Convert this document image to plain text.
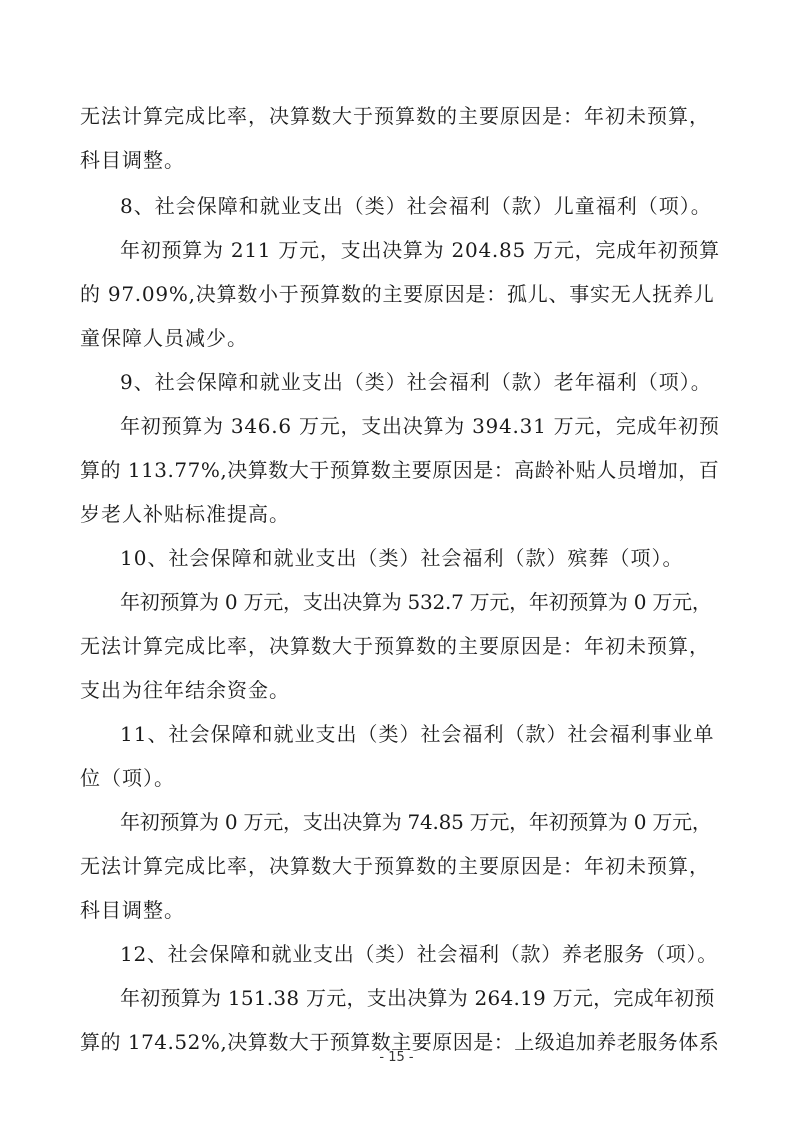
无法计算完成比率，决算数大于预算数的主要原因是：年初未预算，
科目调整。
8、社会保障和就业支出（类）社会福利（款）儿童福利（项）。
年初预算为 211 万元，支出决算为 204.85 万元，完成年初预算
的 97.09%,决算数小于预算数的主要原因是：孤儿、事实无人抚养儿
童保障人员减少。
9、社会保障和就业支出（类）社会福利（款）老年福利（项）。
年初预算为 346.6 万元，支出决算为 394.31 万元，完成年初预
算的 113.77%,决算数大于预算数主要原因是：高龄补贴人员增加，百
岁老人补贴标准提高。
10、社会保障和就业支出（类）社会福利（款）殡葬（项）。
年初预算为 0 万元，支出决算为 532.7 万元，年初预算为 0 万元，
无法计算完成比率，决算数大于预算数的主要原因是：年初未预算，
支出为往年结余资金。
11、社会保障和就业支出（类）社会福利（款）社会福利事业单
位（项）。
年初预算为 0 万元，支出决算为 74.85 万元，年初预算为 0 万元，
无法计算完成比率，决算数大于预算数的主要原因是：年初未预算，
科目调整。
12、社会保障和就业支出（类）社会福利（款）养老服务（项）。
年初预算为 151.38 万元，支出决算为 264.19 万元，完成年初预
算的 174.52%,决算数大于预算数主要原因是：上级追加养老服务体系
- 15 -
